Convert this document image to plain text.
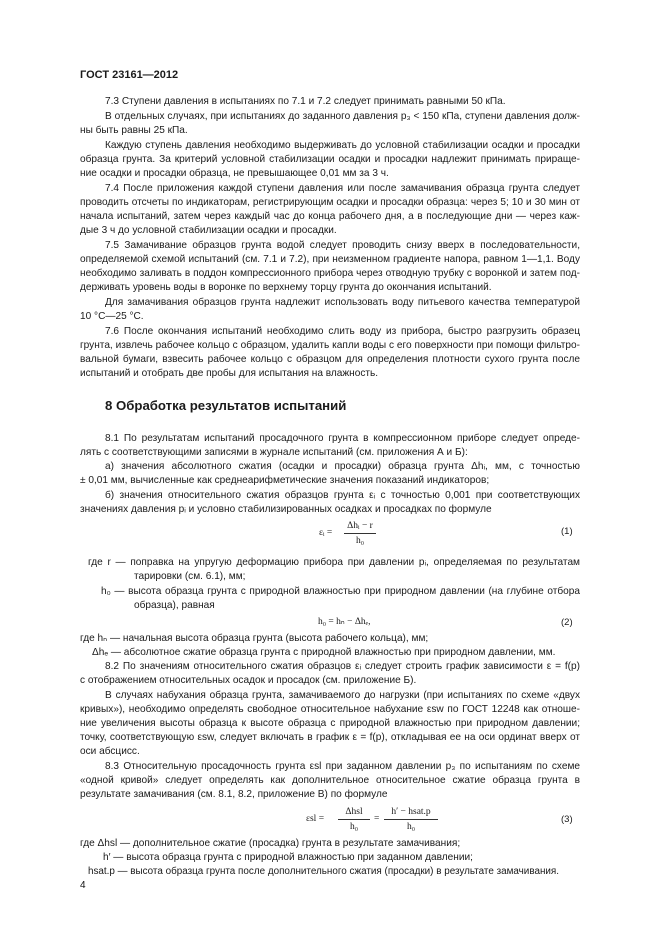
ГОСТ 23161—2012
7.3 Ступени давления в испытаниях по 7.1 и 7.2 следует принимать равными 50 кПа.
В отдельных случаях, при испытаниях до заданного давления p₃ < 150 кПа, ступени давления долж-
ны быть равны 25 кПа.
Каждую ступень давления необходимо выдерживать до условной стабилизации осадки и просадки
образца грунта. За критерий условной стабилизации осадки и просадки надлежит принимать прираще-
ние осадки и просадки образца, не превышающее 0,01 мм за 3 ч.
7.4 После приложения каждой ступени давления или после замачивания образца грунта следует
проводить отсчеты по индикаторам, регистрирующим осадки и просадки образца: через 5; 10 и 30 мин от
начала испытаний, затем через каждый час до конца рабочего дня, а в последующие дни — через каж-
дые 3 ч до условной стабилизации осадки и просадки.
7.5 Замачивание образцов грунта водой следует проводить снизу вверх в последовательности,
определяемой схемой испытаний (см. 7.1 и 7.2), при неизменном градиенте напора, равном 1—1,1. Воду
необходимо заливать в поддон компрессионного прибора через отводную трубку с воронкой и затем под-
держивать уровень воды в воронке по верхнему торцу грунта до окончания испытаний.
Для замачивания образцов грунта надлежит использовать воду питьевого качества температурой
10 °С—25 °С.
7.6 После окончания испытаний необходимо слить воду из прибора, быстро разгрузить образец
грунта, извлечь рабочее кольцо с образцом, удалить капли воды с его поверхности при помощи фильтро-
вальной бумаги, взвесить рабочее кольцо с образцом для определения плотности сухого грунта после
испытаний и отобрать две пробы для испытания на влажность.
8 Обработка результатов испытаний
8.1 По результатам испытаний просадочного грунта в компрессионном приборе следует опреде-
лять с соответствующими записями в журнале испытаний (см. приложения А и Б):
а) значения абсолютного сжатия (осадки и просадки) образца грунта Δhᵢ, мм, с точностью
± 0,01 мм, вычисленные как среднеарифметические значения показаний индикаторов;
б) значения относительного сжатия образцов грунта εᵢ с точностью 0,001 при соответствующих
значениях давления pᵢ и условно стабилизированных осадках и просадках по формуле
εᵢ =
Δhᵢ − r
h₀
(1)
где r — поправка на упругую деформацию прибора при давлении pᵢ, определяемая по результатам
тарировки (см. 6.1), мм;
h₀ — высота образца грунта с природной влажностью при природном давлении (на глубине отбора
образца), равная
h₀ = hₙ − Δhₑ,	(2)
где hₙ — начальная высота образца грунта (высота рабочего кольца), мм;
Δhₑ — абсолютное сжатие образца грунта с природной влажностью при природном давлении, мм.
8.2 По значениям относительного сжатия образцов εᵢ следует строить график зависимости ε = f(p)
с отображением относительных осадок и просадок (см. приложение Б).
В случаях набухания образца грунта, замачиваемого до нагрузки (при испытаниях по схеме «двух
кривых»), необходимо определять свободное относительное набухание εsw по ГОСТ 12248 как отноше-
ние увеличения высоты образца к высоте образца с природной влажностью при природном давлении;
точку, соответствующую εsw, следует включать в график ε = f(p), откладывая ее на оси ординат вверх от
оси абсцисс.
8.3 Относительную просадочность грунта εsl при заданном давлении p₃ по испытаниям по схеме
«одной кривой» следует определять как дополнительное относительное сжатие образца грунта в
результате замачивания (см. 8.1, 8.2, приложение В) по формуле
εsl =
Δhsl
h₀
=
h′ − hsat.p
h₀
(3)
где Δhsl — дополнительное сжатие (просадка) грунта в результате замачивания;
h′ — высота образца грунта с природной влажностью при заданном давлении;
hsat.p — высота образца грунта после дополнительного сжатия (просадки) в результате замачивания.
4
